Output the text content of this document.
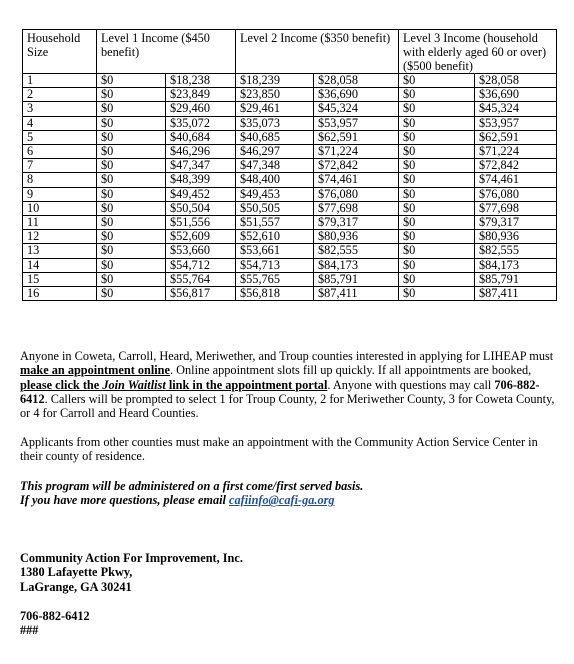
Household Size	Level 1 Income ($450 benefit)		Level 2 Income ($350 benefit)		Level 3 Income (household with elderly aged 60 or over) ($500 benefit)	
1	$0	$18,238	$18,239	$28,058	$0	$28,058
2	$0	$23,849	$23,850	$36,690	$0	$36,690
3	$0	$29,460	$29,461	$45,324	$0	$45,324
4	$0	$35,072	$35,073	$53,957	$0	$53,957
5	$0	$40,684	$40,685	$62,591	$0	$62,591
6	$0	$46,296	$46,297	$71,224	$0	$71,224
7	$0	$47,347	$47,348	$72,842	$0	$72,842
8	$0	$48,399	$48,400	$74,461	$0	$74,461
9	$0	$49,452	$49,453	$76,080	$0	$76,080
10	$0	$50,504	$50,505	$77,698	$0	$77,698
11	$0	$51,556	$51,557	$79,317	$0	$79,317
12	$0	$52,609	$52,610	$80,936	$0	$80,936
13	$0	$53,660	$53,661	$82,555	$0	$82,555
14	$0	$54,712	$54,713	$84,173	$0	$84,173
15	$0	$55,764	$55,765	$85,791	$0	$85,791
16	$0	$56,817	$56,818	$87,411	$0	$87,411
Anyone in Coweta, Carroll, Heard, Meriwether, and Troup counties interested in applying for LIHEAP must make an appointment online. Online appointment slots fill up quickly. If all appointments are booked, please click the Join Waitlist link in the appointment portal. Anyone with questions may call 706-882-6412. Callers will be prompted to select 1 for Troup County, 2 for Meriwether County, 3 for Coweta County, or 4 for Carroll and Heard Counties.
Applicants from other counties must make an appointment with the Community Action Service Center in their county of residence.
This program will be administered on a first come/first served basis.
If you have more questions, please email cafiinfo@cafi-ga.org
Community Action For Improvement, Inc.
1380 Lafayette Pkwy,
LaGrange, GA 30241
706-882-6412
###
